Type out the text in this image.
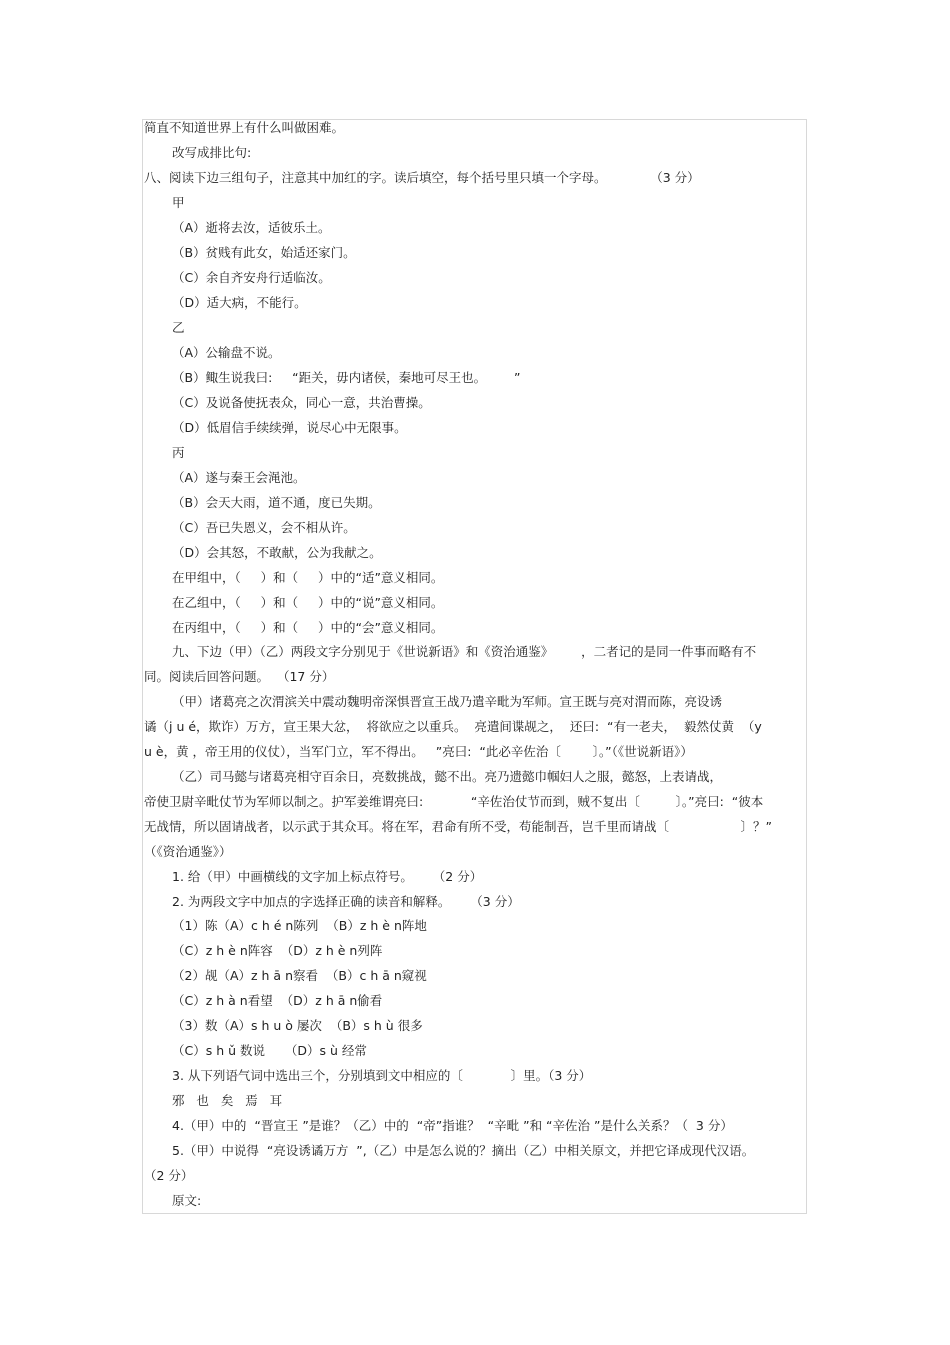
简直不知道世界上有什么叫做困难。
改写成排比句:
八、阅读下边三组句子，注意其中加红的字。读后填空，每个括号里只填一个字母。           （3 分）
甲
（A）逝将去汝，适彼乐土。
（B）贫贱有此女，始适还家门。
（C）余自齐安舟行适临汝。
（D）适大病，不能行。
乙
（A）公输盘不说。
（B）鲰生说我曰:     “距关，毋内诸侯，秦地可尽王也。       ”
（C）及说备使抚表众，同心一意，共治曹操。
（D）低眉信手续续弹，说尽心中无限事。
丙
（A）遂与秦王会渑池。
（B）会天大雨，道不通，度已失期。
（C）吾已失恩义，会不相从许。
（D）会其怒，不敢献，公为我献之。
在甲组中，（     ）和（     ）中的“适”意义相同。
在乙组中，（     ）和（     ）中的“说”意义相同。
在丙组中，（     ）和（     ）中的“会”意义相同。
九、下边（甲）（乙）两段文字分别见于《世说新语》和《资治通鉴》       ，二者记的是同一件事而略有不
同。阅读后回答问题。  （17 分）
（甲）诸葛亮之次渭滨关中震动魏明帝深惧晋宣王战乃遣辛毗为军师。宣王既与亮对渭而陈，亮设诱
谲（j u é，欺诈）万方，宣王果大忿，  将欲应之以重兵。  亮遣间谍觇之，  还曰:  “有一老夫，  毅然仗黄  （y
u è，黄 ，帝王用的仪仗），当军门立，军不得出。   ”亮曰:  “此必辛佐治〔        〕。”（《世说新语》）
（乙）司马懿与诸葛亮相守百余日，亮数挑战，懿不出。亮乃遗懿巾帼妇人之服，懿怒，上表请战，
帝使卫尉辛毗仗节为军师以制之。护军姜维谓亮曰:            “辛佐治仗节而到，贼不复出〔         〕。”亮曰:  “彼本
无战情，所以固请战者，以示武于其众耳。将在军，君命有所不受，苟能制吾，岂千里而请战〔                  〕？”
（《资治通鉴》）
1. 给（甲）中画横线的文字加上标点符号。     （2 分）
2. 为两段文字中加点的字选择正确的读音和解释。     （3 分）
（1）陈（A）c h é n陈列  （B）z h è n阵地
（C）z h è n阵容  （D）z h è n列阵
（2）觇（A）z h ā n察看  （B）c h ā n窥视
（C）z h à n看望  （D）z h ā n偷看
（3）数（A）s h u ò 屡次  （B）s h ù 很多
（C）s h ǔ 数说     （D）s ù 经常
3. 从下列语气词中选出三个，分别填到文中相应的〔            〕里。（3 分）
邪   也   矣   焉   耳
4.（甲）中的  “晋宣王 ”是谁？（乙）中的  “帝”指谁？  “辛毗 ”和 “辛佐治 ”是什么关系？（  3 分）
5.（甲）中说得  “亮设诱谲万方  ”,（乙）中是怎么说的？摘出（乙）中相关原文，并把它译成现代汉语。
（2 分）
原文:
